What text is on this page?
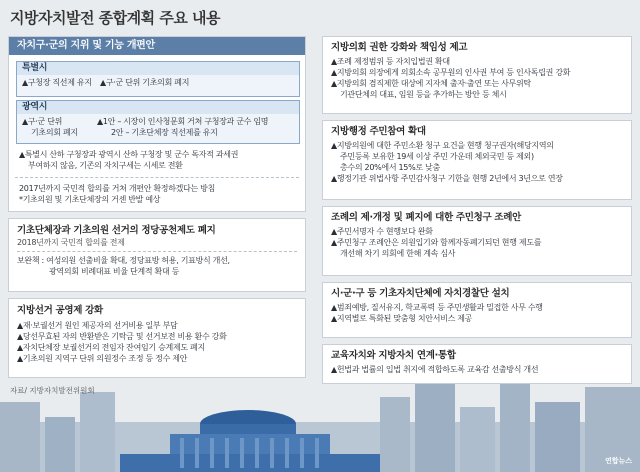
지방자치발전 종합계획 주요 내용
자치구·군의 지위 및 기능 개편안
특별시
▲구청장 직선제 유지 ▲구·군 단위 기초의회 폐지
광역시
▲구·군 단위
기초의회 폐지
▲1안 – 시장이 인사청문회 거쳐 구청장과 군수 임명
2안 – 기초단체장 직선제를 유지
▲특별시 산하 구청장과 광역시 산하 구청장 및 군수 독자적 과세권
부여하지 않음, 기존의 자치구세는 시세로 전환
2017년까지 국민적 합의를 거쳐 개편안 확정하겠다는 방침
*기초의원 및 기초단체장의 거센 반발 예상
기초단체장과 기초의원 선거의 정당공천제도 폐지
2018년까지 국민적 합의를 전제
보완책 : 여성의원 선출비율 확대, 정당표방 허용, 기표방식 개선,
광역의회 비례대표 비율 단계적 확대 등
지방선거 공영제 강화
▲재·보궐선거 원인 제공자의 선거비용 일부 부담
▲당선무효된 자의 반환받은 기탁금 및 선거보전 비용 환수 강화
▲자치단체장 보궐선거의 전임자 잔여임기 승계제도 폐지
▲기초의원 지역구 단위 의원정수 조정 등 정수 제안
자료/ 지방자치발전위원회
지방의회 권한 강화와 책임성 제고
▲조례 제정범위 등 자치입법권 확대
▲지방의회 의장에게 의회소속 공무원의 인사권 부여 등 인사독립권 강화
▲지방의회 겸직제한 대상에 지자체 출자·출연 또는 사무위탁
기관단체의 대표, 임원 등을 추가하는 방안 등 체시
지방행정 주민참여 확대
▲지방의원에 대한 주민소환 청구 요건을 현행 청구권자(해당지역의
주민등록 보유한 19세 이상 주민 가운데 체외국민 등 제외)
총수의 20%에서 15%로 낮춤
▲행정기관 위법사항 주민감사청구 기한을 현행 2년에서 3년으로 연장
조례의 제·개정 및 폐지에 대한 주민청구 조례안
▲주민서명자 수 현행보다 완화
▲주민청구 조례안은 의원입기와 함께자동폐기되던 현행 제도를
개선해 차기 의회에 한해 계속 심사
시·군·구 등 기초자치단체에 자치경찰단 설치
▲범죄예방, 질서유지, 학교폭력 등 주민생활과 밀접한 사무 수행
▲지역별로 특화된 맞춤형 치안서비스 제공
교육자치와 지방자치 연계·통합
▲헌법과 법률의 입법 취지에 적합하도록 교육감 선출방식 개선
연합뉴스
